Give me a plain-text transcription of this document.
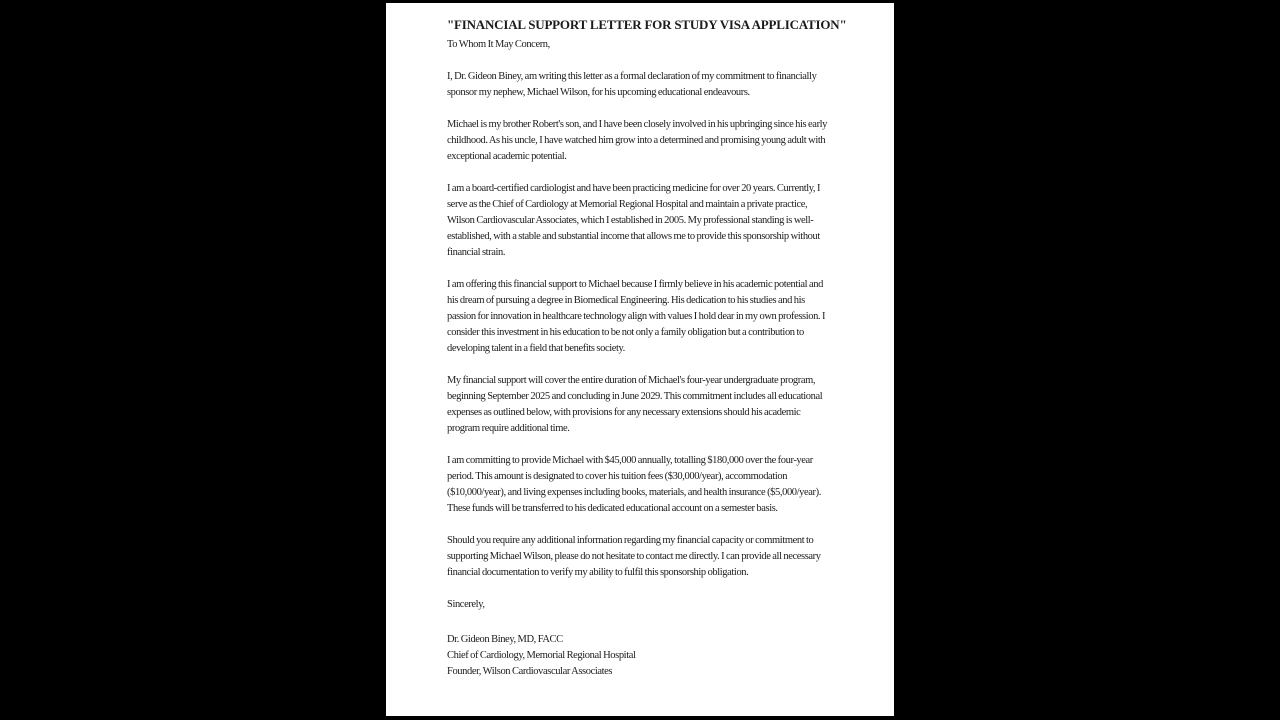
"FINANCIAL SUPPORT LETTER FOR STUDY VISA APPLICATION"

To Whom It May Concern,

I, Dr. Gideon Biney, am writing this letter as a formal declaration of my commitment to financially sponsor my nephew, Michael Wilson, for his upcoming educational endeavours.

Michael is my brother Robert's son, and I have been closely involved in his upbringing since his early childhood. As his uncle, I have watched him grow into a determined and promising young adult with exceptional academic potential.

I am a board-certified cardiologist and have been practicing medicine for over 20 years. Currently, I serve as the Chief of Cardiology at Memorial Regional Hospital and maintain a private practice, Wilson Cardiovascular Associates, which I established in 2005. My professional standing is well-established, with a stable and substantial income that allows me to provide this sponsorship without financial strain.

I am offering this financial support to Michael because I firmly believe in his academic potential and his dream of pursuing a degree in Biomedical Engineering. His dedication to his studies and his passion for innovation in healthcare technology align with values I hold dear in my own profession. I consider this investment in his education to be not only a family obligation but a contribution to developing talent in a field that benefits society.

My financial support will cover the entire duration of Michael's four-year undergraduate program, beginning September 2025 and concluding in June 2029. This commitment includes all educational expenses as outlined below, with provisions for any necessary extensions should his academic program require additional time.

I am committing to provide Michael with $45,000 annually, totalling $180,000 over the four-year period. This amount is designated to cover his tuition fees ($30,000/year), accommodation ($10,000/year), and living expenses including books, materials, and health insurance ($5,000/year). These funds will be transferred to his dedicated educational account on a semester basis.

Should you require any additional information regarding my financial capacity or commitment to supporting Michael Wilson, please do not hesitate to contact me directly. I can provide all necessary financial documentation to verify my ability to fulfil this sponsorship obligation.

Sincerely,

Dr. Gideon Biney, MD, FACC
Chief of Cardiology, Memorial Regional Hospital
Founder, Wilson Cardiovascular Associates
